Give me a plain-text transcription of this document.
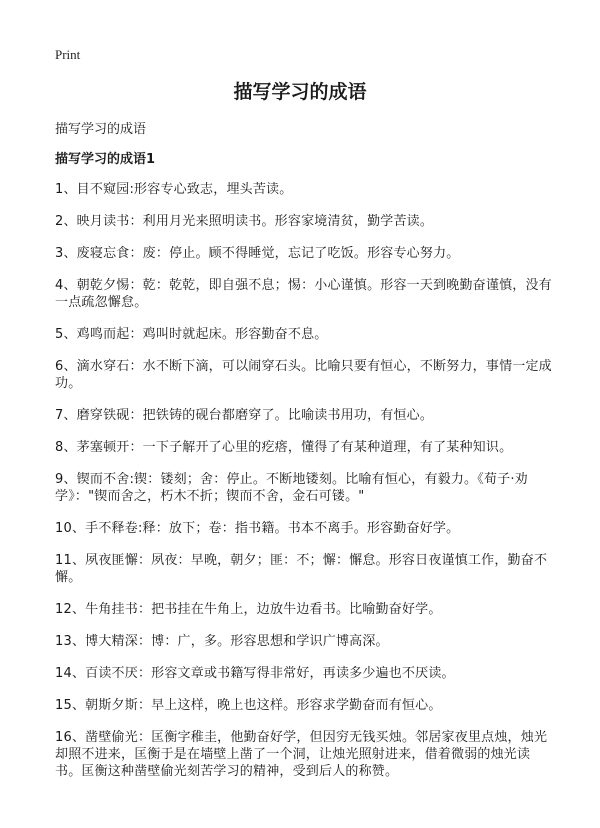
Print
描写学习的成语
描写学习的成语
描写学习的成语1
1、目不窥园:形容专心致志，埋头苦读。
2、映月读书：利用月光来照明读书。形容家境清贫，勤学苦读。
3、废寝忘食：废：停止。顾不得睡觉，忘记了吃饭。形容专心努力。
4、朝乾夕惕：乾：乾乾，即自强不息；惕：小心谨慎。形容一天到晚勤奋谨慎，没有一点疏忽懈怠。
5、鸡鸣而起：鸡叫时就起床。形容勤奋不息。
6、滴水穿石：水不断下滴，可以闹穿石头。比喻只要有恒心，不断努力，事情一定成功。
7、磨穿铁砚：把铁铸的砚台都磨穿了。比喻读书用功，有恒心。
8、茅塞顿开：一下子解开了心里的疙瘩，懂得了有某种道理，有了某种知识。
9、锲而不舍:锲：镂刻；舍：停止。不断地镂刻。比喻有恒心，有毅力。《荀子·劝学》："锲而舍之，朽木不折；锲而不舍，金石可镂。"
10、手不释卷:释：放下；卷：指书籍。书本不离手。形容勤奋好学。
11、夙夜匪懈：夙夜：早晚，朝夕；匪：不；懈：懈怠。形容日夜谨慎工作，勤奋不懈。
12、牛角挂书：把书挂在牛角上，边放牛边看书。比喻勤奋好学。
13、博大精深：博：广，多。形容思想和学识广博高深。
14、百读不厌：形容文章或书籍写得非常好，再读多少遍也不厌读。
15、朝斯夕斯：早上这样，晚上也这样。形容求学勤奋而有恒心。
16、凿壁偷光：匡衡字稚圭，他勤奋好学，但因穷无钱买烛。邻居家夜里点烛，烛光却照不进来，匡衡于是在墙壁上凿了一个洞，让烛光照射进来，借着微弱的烛光读书。匡衡这种凿壁偷光刻苦学习的精神，受到后人的称赞。
